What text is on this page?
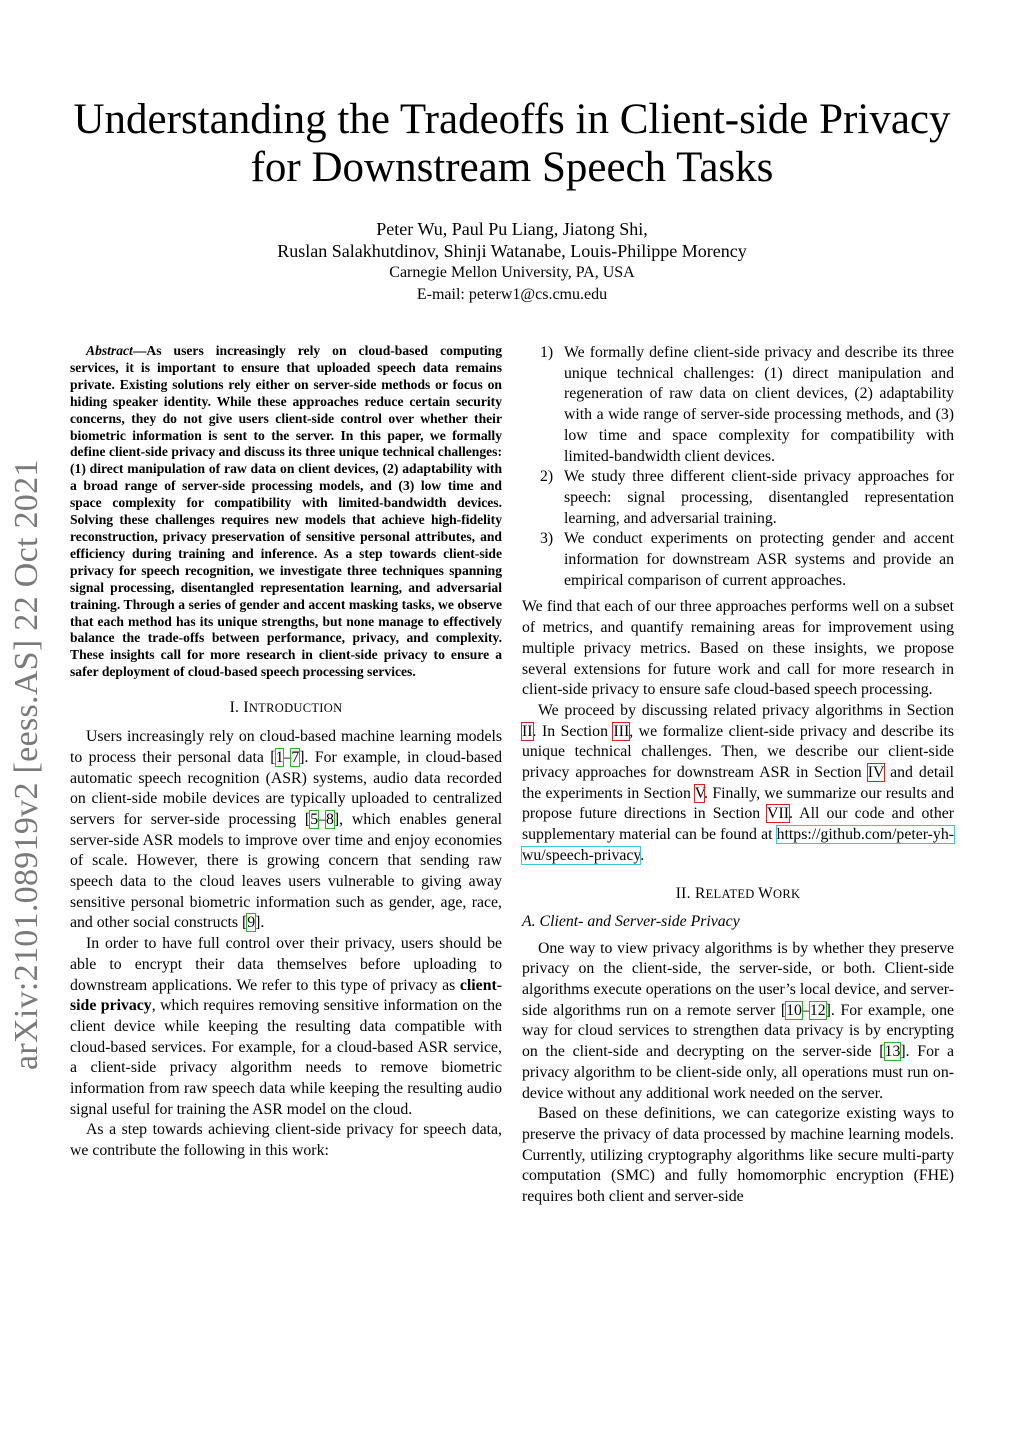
arXiv:2101.08919v2 [eess.AS] 22 Oct 2021
Understanding the Tradeoffs in Client-side Privacy
for Downstream Speech Tasks
Peter Wu, Paul Pu Liang, Jiatong Shi,
Ruslan Salakhutdinov, Shinji Watanabe, Louis-Philippe Morency
Carnegie Mellon University, PA, USA
E-mail: peterw1@cs.cmu.edu

Abstract—As users increasingly rely on cloud-based computing services, it is important to ensure that uploaded speech data remains private. Existing solutions rely either on server-side methods or focus on hiding speaker identity. While these approaches reduce certain security concerns, they do not give users client-side control over whether their biometric information is sent to the server. In this paper, we formally define client-side privacy and discuss its three unique technical challenges: (1) direct manipulation of raw data on client devices, (2) adaptability with a broad range of server-side processing models, and (3) low time and space complexity for compatibility with limited-bandwidth devices. Solving these challenges requires new models that achieve high-fidelity reconstruction, privacy preservation of sensitive personal attributes, and efficiency during training and inference. As a step towards client-side privacy for speech recognition, we investigate three techniques spanning signal processing, disentangled representation learning, and adversarial training. Through a series of gender and accent masking tasks, we observe that each method has its unique strengths, but none manage to effectively balance the trade-offs between performance, privacy, and complexity. These insights call for more research in client-side privacy to ensure a safer deployment of cloud-based speech processing services.

I. INTRODUCTION

Users increasingly rely on cloud-based machine learning models to process their personal data [1–7]. For example, in cloud-based automatic speech recognition (ASR) systems, audio data recorded on client-side mobile devices are typically uploaded to centralized servers for server-side processing [5–8], which enables general server-side ASR models to improve over time and enjoy economies of scale. However, there is growing concern that sending raw speech data to the cloud leaves users vulnerable to giving away sensitive personal biometric information such as gender, age, race, and other social constructs [9].

In order to have full control over their privacy, users should be able to encrypt their data themselves before uploading to downstream applications. We refer to this type of privacy as client-side privacy, which requires removing sensitive information on the client device while keeping the resulting data compatible with cloud-based services. For example, for a cloud-based ASR service, a client-side privacy algorithm needs to remove biometric information from raw speech data while keeping the resulting audio signal useful for training the ASR model on the cloud.

As a step towards achieving client-side privacy for speech data, we contribute the following in this work:

1) We formally define client-side privacy and describe its three unique technical challenges: (1) direct manipulation and regeneration of raw data on client devices, (2) adaptability with a wide range of server-side processing methods, and (3) low time and space complexity for compatibility with limited-bandwidth client devices.
2) We study three different client-side privacy approaches for speech: signal processing, disentangled representation learning, and adversarial training.
3) We conduct experiments on protecting gender and accent information for downstream ASR systems and provide an empirical comparison of current approaches.

We find that each of our three approaches performs well on a subset of metrics, and quantify remaining areas for improvement using multiple privacy metrics. Based on these insights, we propose several extensions for future work and call for more research in client-side privacy to ensure safe cloud-based speech processing.

We proceed by discussing related privacy algorithms in Section II. In Section III, we formalize client-side privacy and describe its unique technical challenges. Then, we describe our client-side privacy approaches for downstream ASR in Section IV and detail the experiments in Section V. Finally, we summarize our results and propose future directions in Section VII. All our code and other supplementary material can be found at https://github.com/peter-yh-wu/speech-privacy.

II. RELATED WORK
A. Client- and Server-side Privacy

One way to view privacy algorithms is by whether they preserve privacy on the client-side, the server-side, or both. Client-side algorithms execute operations on the user’s local device, and server-side algorithms run on a remote server [10–12]. For example, one way for cloud services to strengthen data privacy is by encrypting on the client-side and decrypting on the server-side [13]. For a privacy algorithm to be client-side only, all operations must run on-device without any additional work needed on the server.

Based on these definitions, we can categorize existing ways to preserve the privacy of data processed by machine learning models. Currently, utilizing cryptography algorithms like secure multi-party computation (SMC) and fully homomorphic encryption (FHE) requires both client and server-side
